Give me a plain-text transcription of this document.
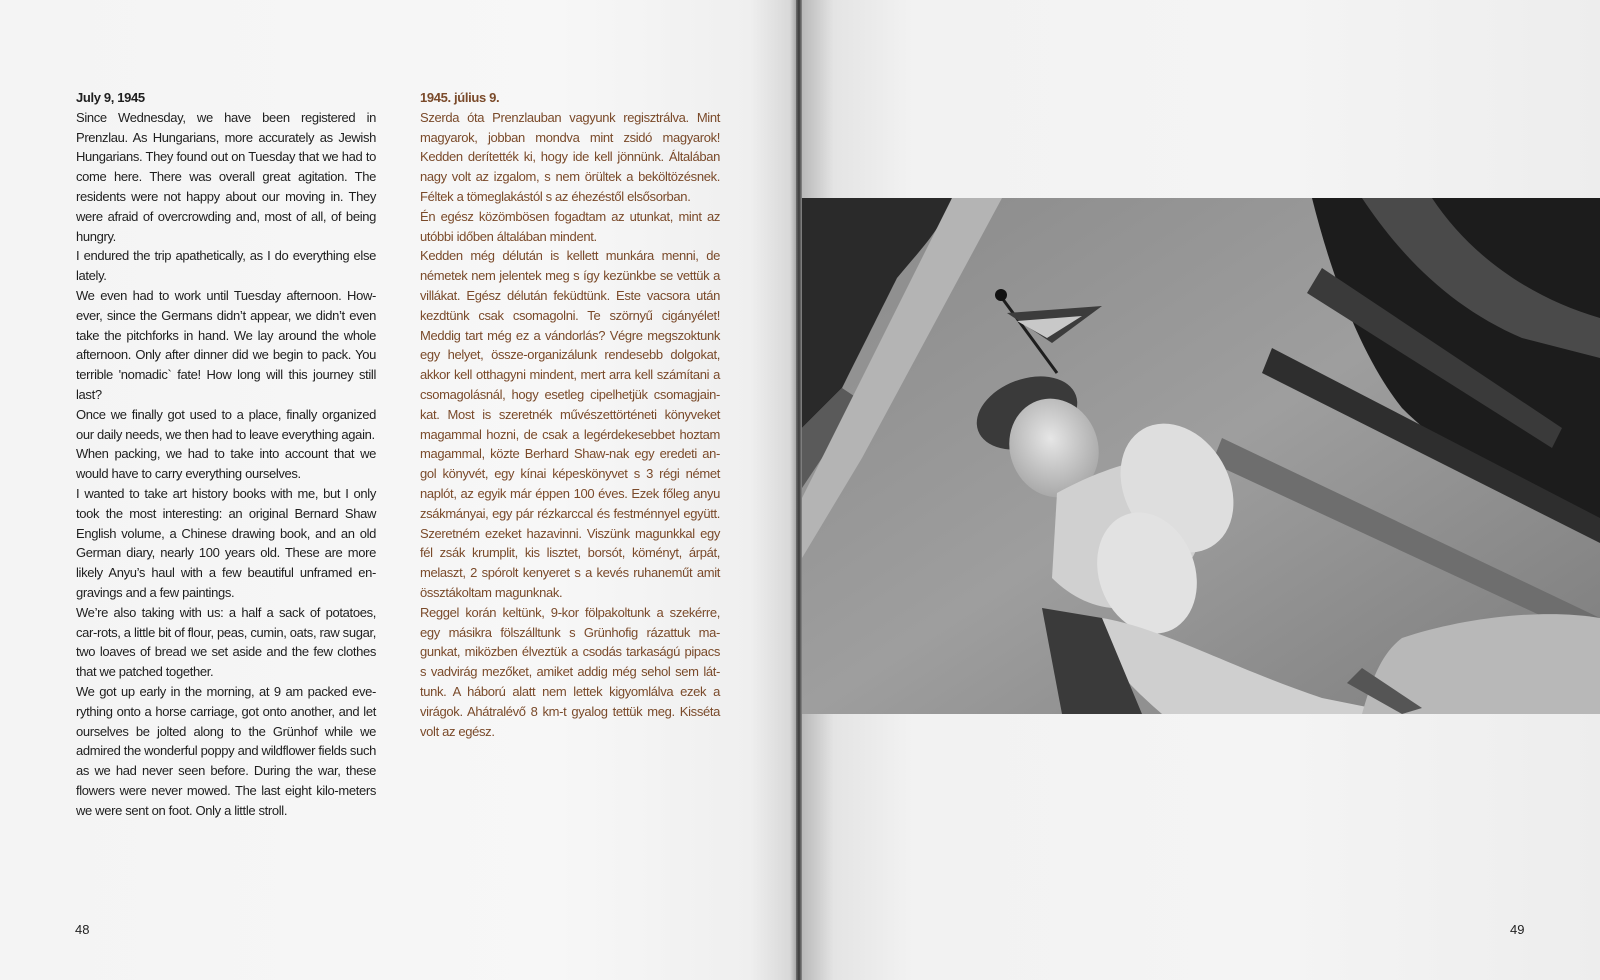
July 9, 1945

Since Wednesday, we have been registered in Prenzlau. As Hungarians, more accurately as Jewish Hungarians. They found out on Tuesday that we had to come here. There was overall great agitation. The residents were not happy about our moving in. They were afraid of overcrowding and, most of all, of being hungry.

I endured the trip apathetically, as I do everything else lately.

We even had to work until Tuesday afternoon. How-ever, since the Germans didn’t appear, we didn’t even take the pitchforks in hand. We lay around the whole afternoon. Only after dinner did we begin to pack. You terrible 'nomadic` fate! How long will this journey still last?

Once we finally got used to a place, finally organized our daily needs, we then had to leave everything again.

When packing, we had to take into account that we would have to carry everything ourselves.

I wanted to take art history books with me, but I only took the most interesting: an original Bernard Shaw English volume, a Chinese drawing book, and an old German diary, nearly 100 years old. These are more likely Anyu’s haul with a few beautiful unframed en-gravings and a few paintings.

We’re also taking with us: a half a sack of potatoes, car-rots, a little bit of flour, peas, cumin, oats, raw sugar, two loaves of bread we set aside and the few clothes that we patched together.

We got up early in the morning, at 9 am packed eve-rything onto a horse carriage, got onto another, and let ourselves be jolted along to the Grünhof while we admired the wonderful poppy and wildflower fields such as we had never seen before. During the war, these flowers were never mowed. The last eight kilo-meters we were sent on foot. Only a little stroll.

1945. július 9.

Szerda óta Prenzlauban vagyunk regisztrálva. Mint magyarok, jobban mondva mint zsidó magyarok! Kedden derítették ki, hogy ide kell jönnünk. Általában nagy volt az izgalom, s nem örültek a beköltözésnek. Féltek a tömeglakástól s az éhezéstől elsősorban.

Én egész közömbösen fogadtam az utunkat, mint az utóbbi időben általában mindent.

Kedden még délután is kellett munkára menni, de németek nem jelentek meg s így kezünkbe se vettük a villákat. Egész délután feküdtünk. Este vacsora után kezdtünk csak csomagolni. Te szörnyű cigányélet! Meddig tart még ez a vándorlás? Végre megszoktunk egy helyet, össze-organizálunk rendesebb dolgokat, akkor kell otthagyni mindent, mert arra kell számítani a csomagolásnál, hogy esetleg cipelhetjük csomagjain-kat. Most is szeretnék művészettörténeti könyveket magammal hozni, de csak a legérdekesebbet hoztam magammal, közte Berhard Shaw-nak egy eredeti an-gol könyvét, egy kínai képeskönyvet s 3 régi német naplót, az egyik már éppen 100 éves. Ezek főleg anyu zsákmányai, egy pár rézkarccal és festménnyel együtt. Szeretném ezeket hazavinni. Viszünk magunkkal egy fél zsák krumplit, kis lisztet, borsót, köményt, árpát, melaszt, 2 spórolt kenyeret s a kevés ruhaneműt amit össztákoltam magunknak.

Reggel korán keltünk, 9-kor fölpakoltunk a szekérre, egy másikra fölszálltunk s Grünhofig rázattuk ma-gunkat, miközben élveztük a csodás tarkaságú pipacs s vadvirág mezőket, amiket addig még sehol sem lát-tunk. A háború alatt nem lettek kigyomlálva ezek a virágok. Ahátralévő 8 km-t gyalog tettük meg. Kisséta volt az egész.

48	49
